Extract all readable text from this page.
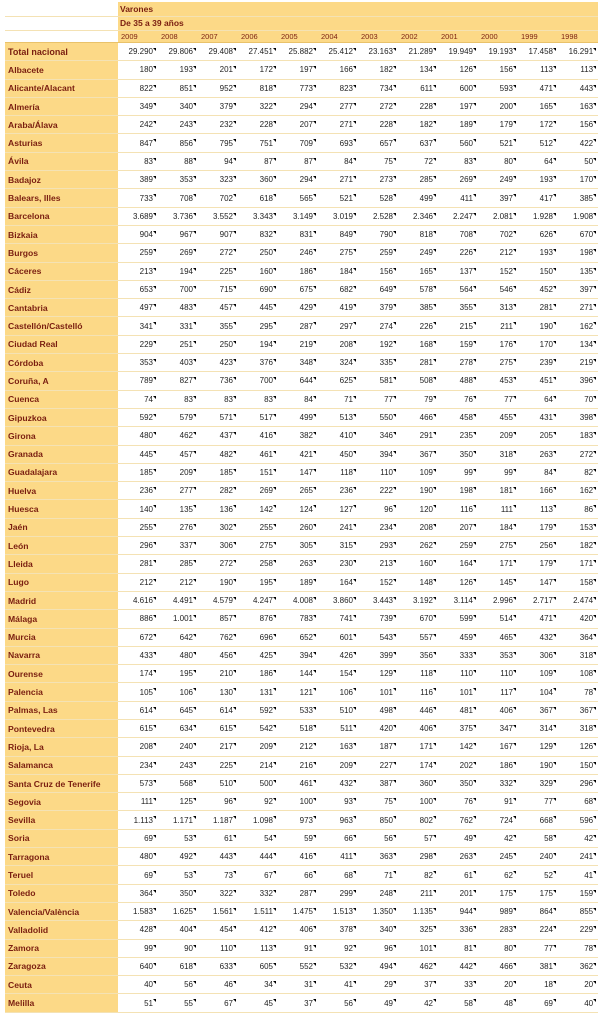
	Varones											
	De 35 a 39 años											
	2009	2008	2007	2006	2005	2004	2003	2002	2001	2000	1999	1998
Total nacional	29.290	29.806	29.408	27.451	25.882	25.412	23.163	21.289	19.949	19.193	17.458	16.291
Albacete	180	193	201	172	197	166	182	134	126	156	113	113
Alicante/Alacant	822	851	952	818	773	823	734	611	600	593	471	443
Almería	349	340	379	322	294	277	272	228	197	200	165	163
Araba/Álava	242	243	232	228	207	271	228	182	189	179	172	156
Asturias	847	856	795	751	709	693	657	637	560	521	512	422
Ávila	83	88	94	87	87	84	75	72	83	80	64	50
Badajoz	389	353	323	360	294	271	273	285	269	249	193	170
Balears, Illes	733	708	702	618	565	521	528	499	411	397	417	385
Barcelona	3.689	3.736	3.552	3.343	3.149	3.019	2.528	2.346	2.247	2.081	1.928	1.908
Bizkaia	904	967	907	832	831	849	790	818	708	702	626	670
Burgos	259	269	272	250	246	275	259	249	226	212	193	198
Cáceres	213	194	225	160	186	184	156	165	137	152	150	135
Cádiz	653	700	715	690	675	682	649	578	564	546	452	397
Cantabria	497	483	457	445	429	419	379	385	355	313	281	271
Castellón/Castelló	341	331	355	295	287	297	274	226	215	211	190	162
Ciudad Real	229	251	250	194	219	208	192	168	159	176	170	134
Córdoba	353	403	423	376	348	324	335	281	278	275	239	219
Coruña, A	789	827	736	700	644	625	581	508	488	453	451	396
Cuenca	74	83	83	83	84	71	77	79	76	77	64	70
Gipuzkoa	592	579	571	517	499	513	550	466	458	455	431	398
Girona	480	462	437	416	382	410	346	291	235	209	205	183
Granada	445	457	482	461	421	450	394	367	350	318	263	272
Guadalajara	185	209	185	151	147	118	110	109	99	99	84	82
Huelva	236	277	282	269	265	236	222	190	198	181	166	162
Huesca	140	135	136	142	124	127	96	120	116	111	113	86
Jaén	255	276	302	255	260	241	234	208	207	184	179	153
León	296	337	306	275	305	315	293	262	259	275	256	182
Lleida	281	285	272	258	263	230	213	160	164	171	179	171
Lugo	212	212	190	195	189	164	152	148	126	145	147	158
Madrid	4.616	4.491	4.579	4.247	4.008	3.860	3.443	3.192	3.114	2.996	2.717	2.474
Málaga	886	1.001	857	876	783	741	739	670	599	514	471	420
Murcia	672	642	762	696	652	601	543	557	459	465	432	364
Navarra	433	480	456	425	394	426	399	356	333	353	306	318
Ourense	174	195	210	186	144	154	129	118	110	110	109	108
Palencia	105	106	130	131	121	106	101	116	101	117	104	78
Palmas, Las	614	645	614	592	533	510	498	446	481	406	367	367
Pontevedra	615	634	615	542	518	511	420	406	375	347	314	318
Rioja, La	208	240	217	209	212	163	187	171	142	167	129	126
Salamanca	234	243	225	214	216	209	227	174	202	186	190	150
Santa Cruz de Tenerife	573	568	510	500	461	432	387	360	350	332	329	296
Segovia	111	125	96	92	100	93	75	100	76	91	77	68
Sevilla	1.113	1.171	1.187	1.098	973	963	850	802	762	724	668	596
Soria	69	53	61	54	59	66	56	57	49	42	58	42
Tarragona	480	492	443	444	416	411	363	298	263	245	240	241
Teruel	69	53	73	67	66	68	71	82	61	62	52	41
Toledo	364	350	322	332	287	299	248	211	201	175	175	159
Valencia/València	1.583	1.625	1.561	1.511	1.475	1.513	1.350	1.135	944	989	864	855
Valladolid	428	404	454	412	406	378	340	325	336	283	224	229
Zamora	99	90	110	113	91	92	96	101	81	80	77	78
Zaragoza	640	618	633	605	552	532	494	462	442	466	381	362
Ceuta	40	56	46	34	31	41	29	37	33	20	18	20
Melilla	51	55	67	45	37	56	49	42	58	48	69	40
